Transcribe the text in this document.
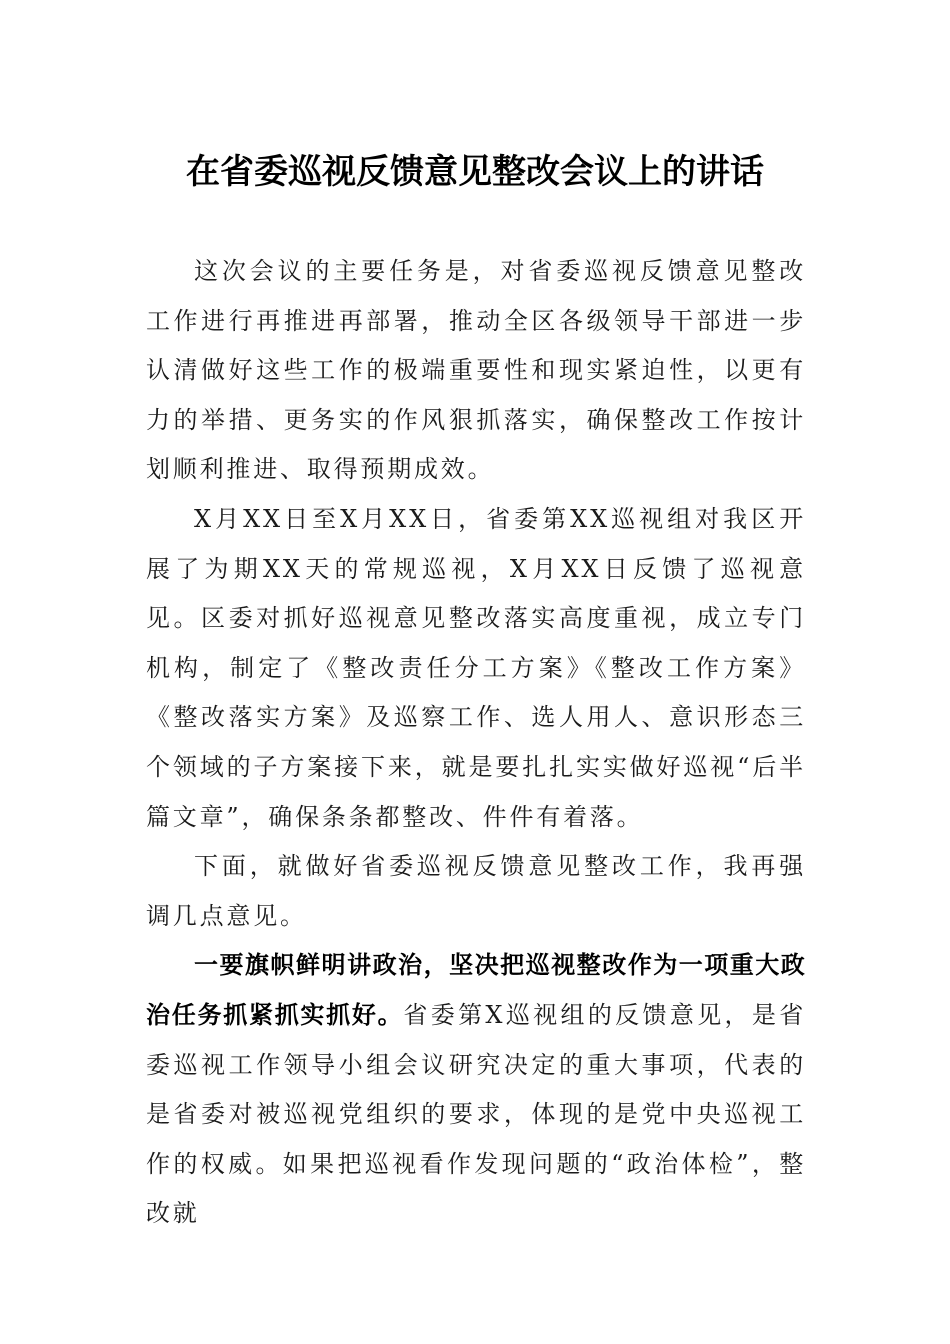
在省委巡视反馈意见整改会议上的讲话

这次会议的主要任务是，对省委巡视反馈意见整改工作进行再推进再部署，推动全区各级领导干部进一步认清做好这些工作的极端重要性和现实紧迫性，以更有力的举措、更务实的作风狠抓落实，确保整改工作按计划顺利推进、取得预期成效。

X月XX日至X月XX日，省委第XX巡视组对我区开展了为期XX天的常规巡视，X月XX日反馈了巡视意见。区委对抓好巡视意见整改落实高度重视，成立专门机构，制定了《整改责任分工方案》《整改工作方案》《整改落实方案》及巡察工作、选人用人、意识形态三个领域的子方案接下来，就是要扎扎实实做好巡视“后半篇文章”，确保条条都整改、件件有着落。

下面，就做好省委巡视反馈意见整改工作，我再强调几点意见。

一要旗帜鲜明讲政治，坚决把巡视整改作为一项重大政治任务抓紧抓实抓好。省委第X巡视组的反馈意见，是省委巡视工作领导小组会议研究决定的重大事项，代表的是省委对被巡视党组织的要求，体现的是党中央巡视工作的权威。如果把巡视看作发现问题的“政治体检”，整改就
